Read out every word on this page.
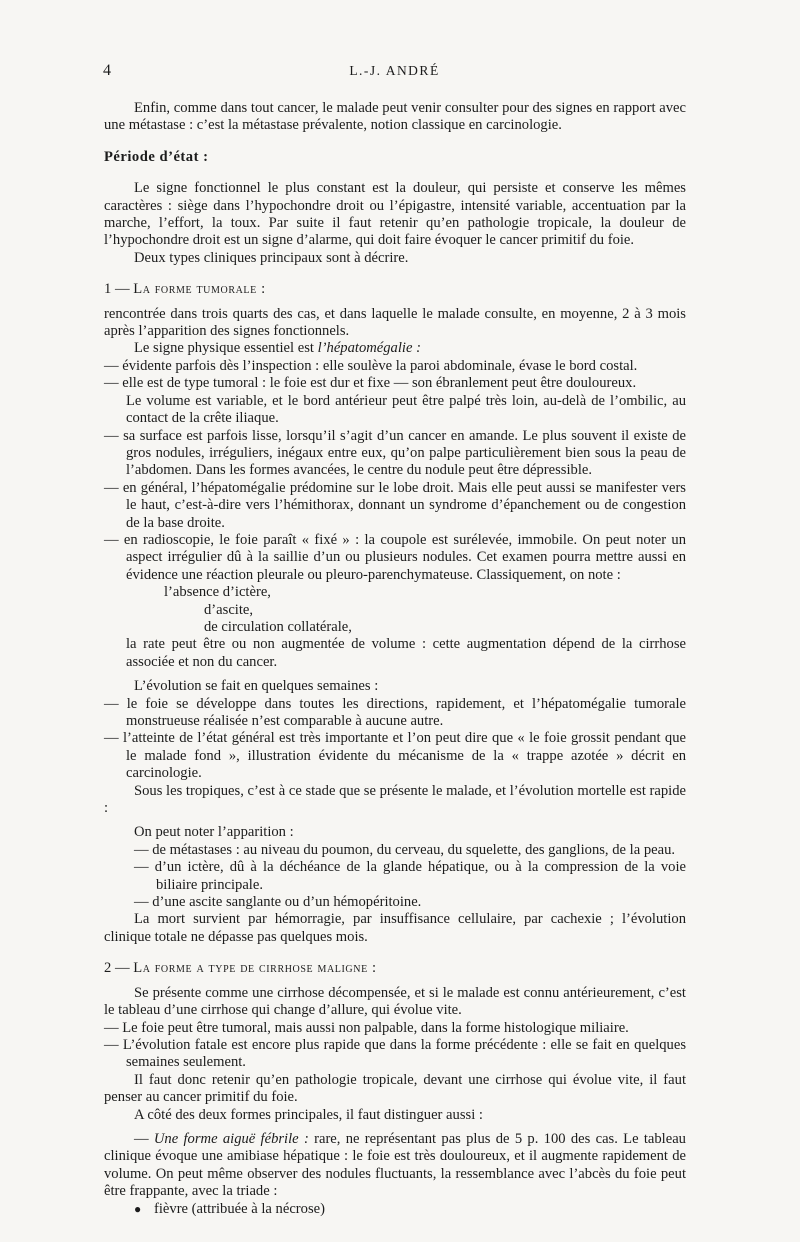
4	L.-J. ANDRÉ

Enfin, comme dans tout cancer, le malade peut venir consulter pour des signes en rapport avec une métastase : c’est la métastase prévalente, notion classique en carcinologie.

Période d’état :

Le signe fonctionnel le plus constant est la douleur, qui persiste et conserve les mêmes caractères : siège dans l’hypochondre droit ou l’épigastre, intensité variable, accentuation par la marche, l’effort, la toux. Par suite il faut retenir qu’en pathologie tropicale, la douleur de l’hypochondre droit est un signe d’alarme, qui doit faire évoquer le cancer primitif du foie.

Deux types cliniques principaux sont à décrire.

1 — La forme tumorale :

rencontrée dans trois quarts des cas, et dans laquelle le malade consulte, en moyenne, 2 à 3 mois après l’apparition des signes fonctionnels.

Le signe physique essentiel est l’hépatomégalie :

— évidente parfois dès l’inspection : elle soulève la paroi abdominale, évase le bord costal.

— elle est de type tumoral : le foie est dur et fixe — son ébranlement peut être douloureux.

Le volume est variable, et le bord antérieur peut être palpé très loin, au-delà de l’ombilic, au contact de la crête iliaque.

— sa surface est parfois lisse, lorsqu’il s’agit d’un cancer en amande. Le plus souvent il existe de gros nodules, irréguliers, inégaux entre eux, qu’on palpe particulièrement bien sous la peau de l’abdomen. Dans les formes avancées, le centre du nodule peut être dépressible.

— en général, l’hépatomégalie prédomine sur le lobe droit. Mais elle peut aussi se manifester vers le haut, c’est-à-dire vers l’hémithorax, donnant un syndrome d’épanchement ou de congestion de la base droite.

— en radioscopie, le foie paraît « fixé » : la coupole est surélevée, immobile. On peut noter un aspect irrégulier dû à la saillie d’un ou plusieurs nodules. Cet examen pourra mettre aussi en évidence une réaction pleurale ou pleuro-parenchymateuse. Classiquement, on note :

l’absence d’ictère,

d’ascite,

de circulation collatérale,

la rate peut être ou non augmentée de volume : cette augmentation dépend de la cirrhose associée et non du cancer.

L’évolution se fait en quelques semaines :

— le foie se développe dans toutes les directions, rapidement, et l’hépatomégalie tumorale monstrueuse réalisée n’est comparable à aucune autre.

— l’atteinte de l’état général est très importante et l’on peut dire que « le foie grossit pendant que le malade fond », illustration évidente du mécanisme de la « trappe azotée » décrit en carcinologie.

Sous les tropiques, c’est à ce stade que se présente le malade, et l’évolution mortelle est rapide :

On peut noter l’apparition :

— de métastases : au niveau du poumon, du cerveau, du squelette, des ganglions, de la peau.

— d’un ictère, dû à la déchéance de la glande hépatique, ou à la compression de la voie biliaire principale.

— d’une ascite sanglante ou d’un hémopéritoine.

La mort survient par hémorragie, par insuffisance cellulaire, par cachexie ; l’évolution clinique totale ne dépasse pas quelques mois.

2 — La forme a type de cirrhose maligne :

Se présente comme une cirrhose décompensée, et si le malade est connu antérieurement, c’est le tableau d’une cirrhose qui change d’allure, qui évolue vite.

— Le foie peut être tumoral, mais aussi non palpable, dans la forme histologique miliaire.

— L’évolution fatale est encore plus rapide que dans la forme précédente : elle se fait en quelques semaines seulement.

Il faut donc retenir qu’en pathologie tropicale, devant une cirrhose qui évolue vite, il faut penser au cancer primitif du foie.

A côté des deux formes principales, il faut distinguer aussi :

— Une forme aiguë fébrile : rare, ne représentant pas plus de 5 p. 100 des cas. Le tableau clinique évoque une amibiase hépatique : le foie est très douloureux, et il augmente rapidement de volume. On peut même observer des nodules fluctuants, la ressemblance avec l’abcès du foie peut être frappante, avec la triade :

● fièvre (attribuée à la nécrose)
